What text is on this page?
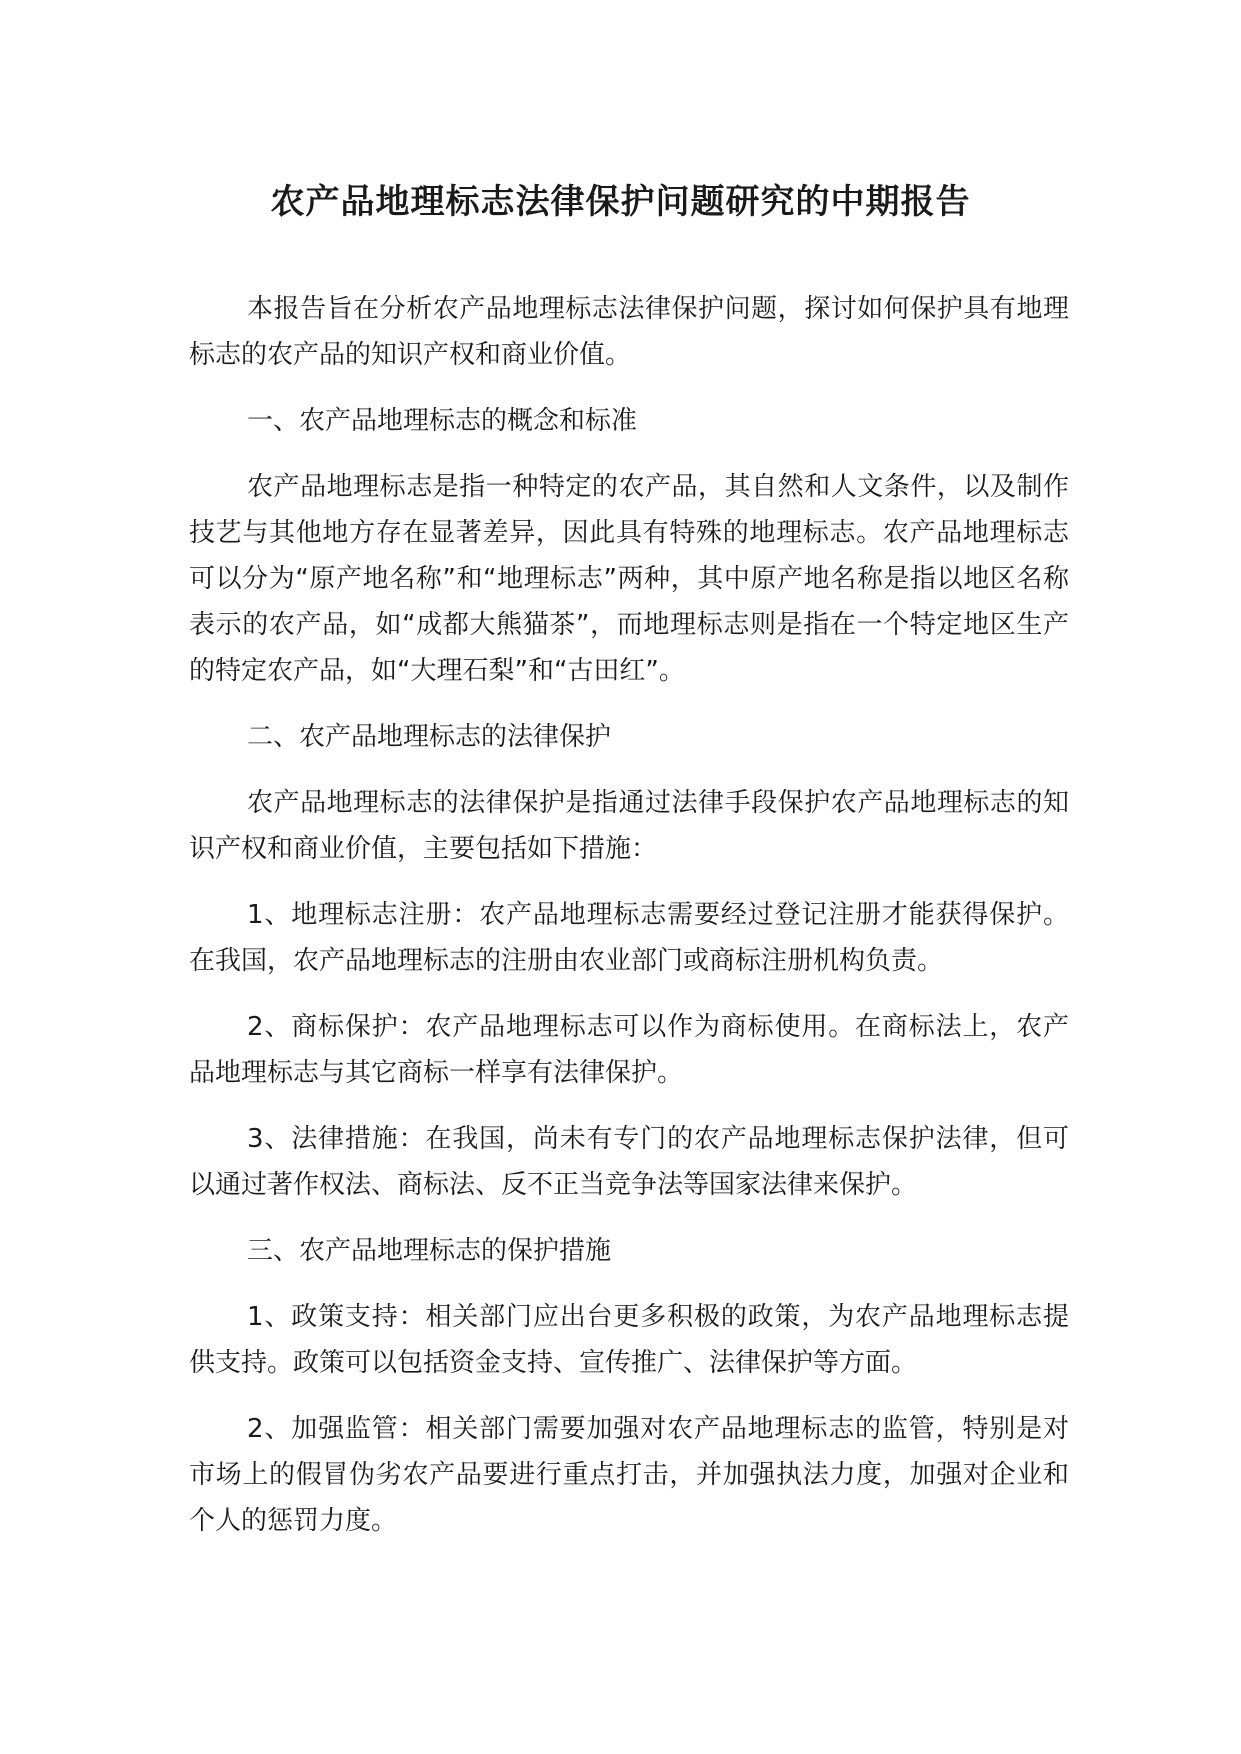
农产品地理标志法律保护问题研究的中期报告

本报告旨在分析农产品地理标志法律保护问题，探讨如何保护具有地理标志的农产品的知识产权和商业价值。

一、农产品地理标志的概念和标准

农产品地理标志是指一种特定的农产品，其自然和人文条件，以及制作技艺与其他地方存在显著差异，因此具有特殊的地理标志。农产品地理标志可以分为“原产地名称”和“地理标志”两种，其中原产地名称是指以地区名称表示的农产品，如“成都大熊猫茶”，而地理标志则是指在一个特定地区生产的特定农产品，如“大理石梨”和“古田红”。

二、农产品地理标志的法律保护

农产品地理标志的法律保护是指通过法律手段保护农产品地理标志的知识产权和商业价值，主要包括如下措施：

1、地理标志注册：农产品地理标志需要经过登记注册才能获得保护。在我国，农产品地理标志的注册由农业部门或商标注册机构负责。

2、商标保护：农产品地理标志可以作为商标使用。在商标法上，农产品地理标志与其它商标一样享有法律保护。

3、法律措施：在我国，尚未有专门的农产品地理标志保护法律，但可以通过著作权法、商标法、反不正当竞争法等国家法律来保护。

三、农产品地理标志的保护措施

1、政策支持：相关部门应出台更多积极的政策，为农产品地理标志提供支持。政策可以包括资金支持、宣传推广、法律保护等方面。

2、加强监管：相关部门需要加强对农产品地理标志的监管，特别是对市场上的假冒伪劣农产品要进行重点打击，并加强执法力度，加强对企业和个人的惩罚力度。
